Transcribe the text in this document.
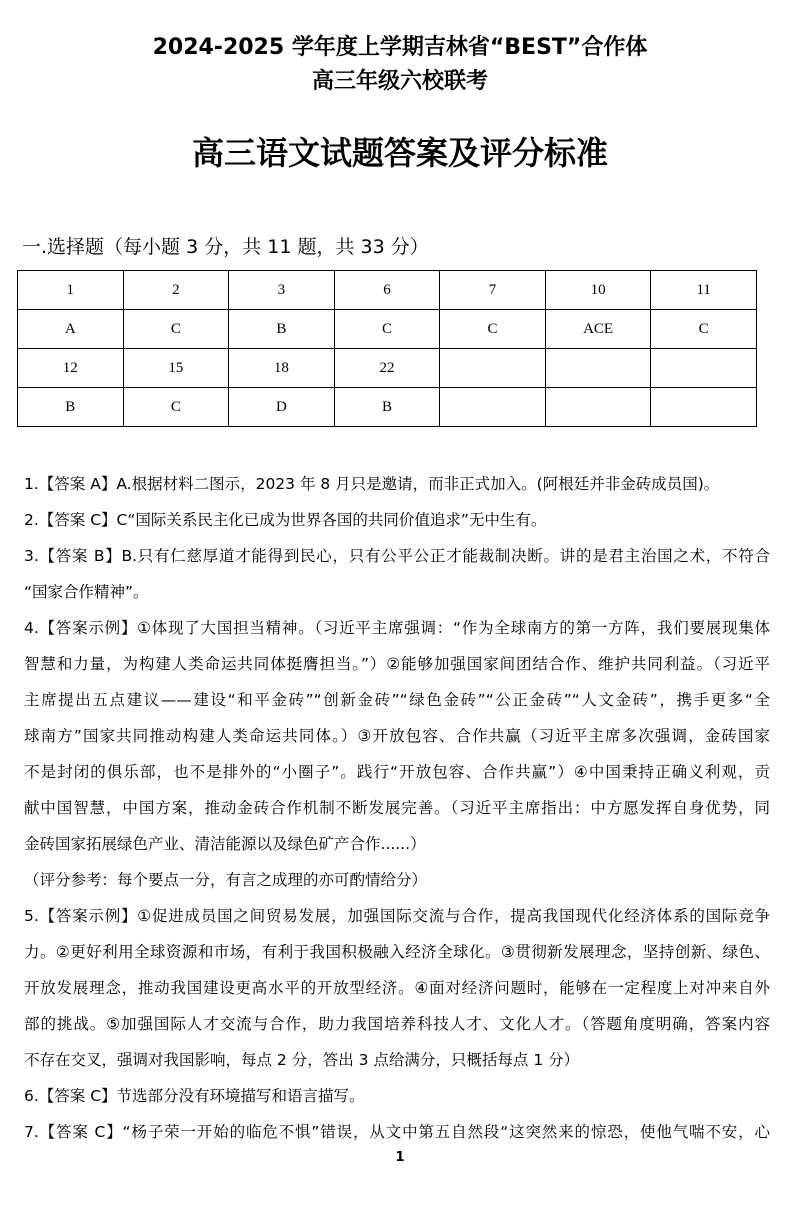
2024-2025 学年度上学期吉林省“BEST”合作体
高三年级六校联考
高三语文试题答案及评分标准
一.选择题（每小题 3 分，共 11 题，共 33 分）
1	2	3	6	7	10	11
A	C	B	C	C	ACE	C
12	15	18	22			
B	C	D	B			
1.【答案 A】A.根据材料二图示，2023 年 8 月只是邀请，而非正式加入。(阿根廷并非金砖成员国)。
2.【答案 C】C“国际关系民主化已成为世界各国的共同价值追求”无中生有。
3.【答案 B】B.只有仁慈厚道才能得到民心，只有公平公正才能裁制决断。讲的是君主治国之术，不符合
“国家合作精神”。
4.【答案示例】①体现了大国担当精神。（习近平主席强调：“作为全球南方的第一方阵，我们要展现集体
智慧和力量，为构建人类命运共同体挺膺担当。”）②能够加强国家间团结合作、维护共同利益。（习近平
主席提出五点建议——建设“和平金砖”“创新金砖”“绿色金砖”“公正金砖”“人文金砖”，携手更多“全
球南方”国家共同推动构建人类命运共同体。）③开放包容、合作共赢（习近平主席多次强调，金砖国家
不是封闭的俱乐部，也不是排外的“小圈子”。践行“开放包容、合作共赢”）④中国秉持正确义利观，贡
献中国智慧，中国方案，推动金砖合作机制不断发展完善。（习近平主席指出：中方愿发挥自身优势，同
金砖国家拓展绿色产业、清洁能源以及绿色矿产合作......）
（评分参考：每个要点一分，有言之成理的亦可酌情给分）
5.【答案示例】①促进成员国之间贸易发展，加强国际交流与合作，提高我国现代化经济体系的国际竞争
力。②更好利用全球资源和市场，有利于我国积极融入经济全球化。③贯彻新发展理念，坚持创新、绿色、
开放发展理念，推动我国建设更高水平的开放型经济。④面对经济问题时，能够在一定程度上对冲来自外
部的挑战。⑤加强国际人才交流与合作，助力我国培养科技人才、文化人才。（答题角度明确，答案内容
不存在交叉，强调对我国影响，每点 2 分，答出 3 点给满分，只概括每点 1 分）
6.【答案 C】节选部分没有环境描写和语言描写。
7.【答案 C】“杨子荣一开始的临危不惧”错误，从文中第五自然段“这突然来的惊恐，使他气喘不安，心
1
